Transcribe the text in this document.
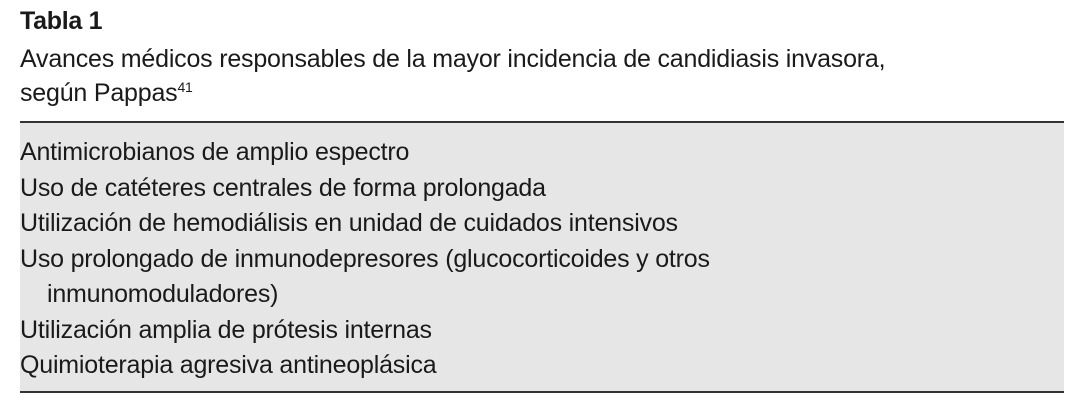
Tabla 1
Avances médicos responsables de la mayor incidencia de candidiasis invasora,
según Pappas$^{41}$
Antimicrobianos de amplio espectro
Uso de catéteres centrales de forma prolongada
Utilización de hemodiálisis en unidad de cuidados intensivos
Uso prolongado de inmunodepresores (glucocorticoides y otros
inmunomoduladores)
Utilización amplia de prótesis internas
Quimioterapia agresiva antineoplásica
